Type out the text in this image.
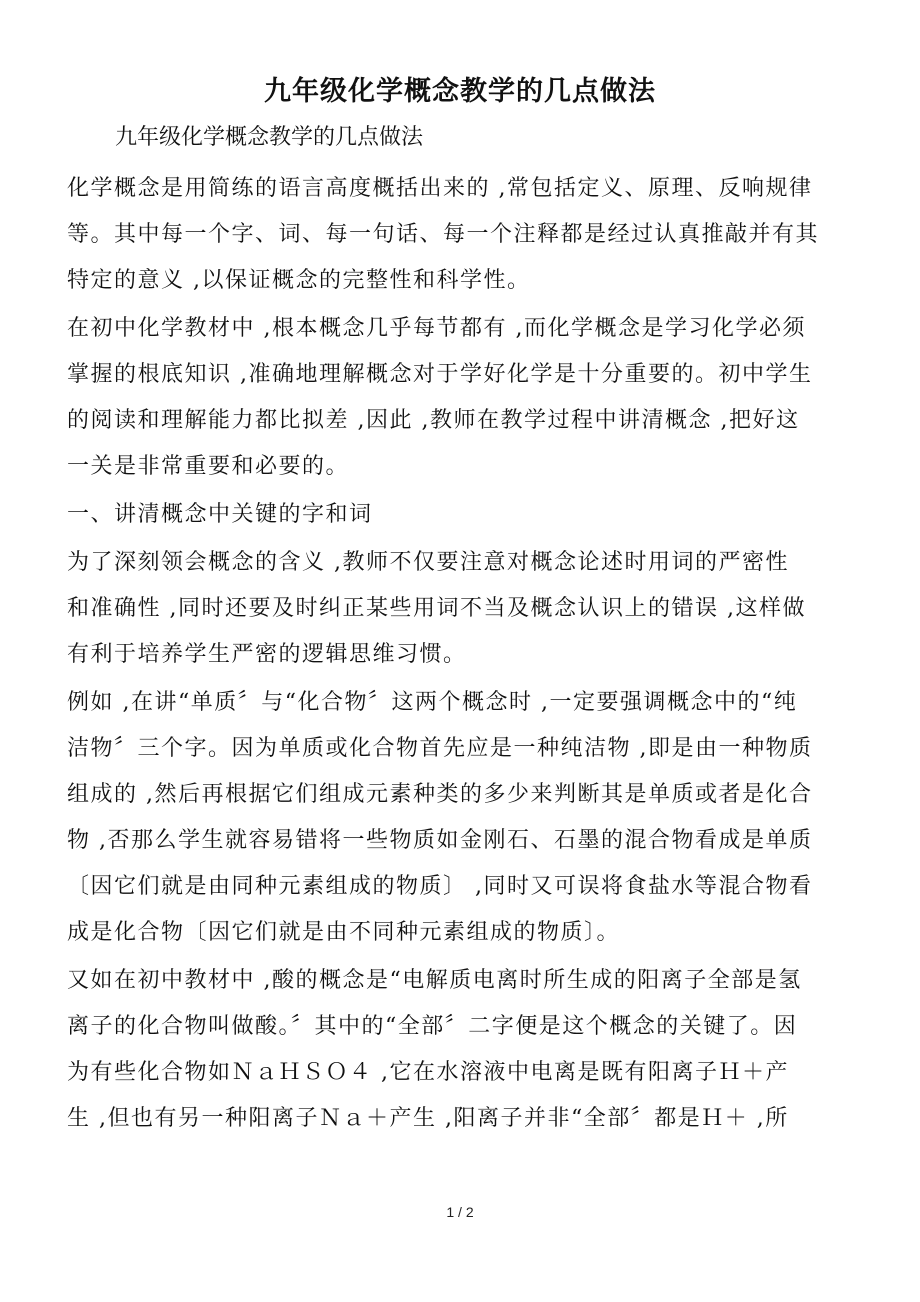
九年级化学概念教学的几点做法
九年级化学概念教学的几点做法

化学概念是用简练的语言高度概括出来的 ,常包括定义、原理、反响规律
等。其中每一个字、词、每一句话、每一个注释都是经过认真推敲并有其
特定的意义 ,以保证概念的完整性和科学性。

在初中化学教材中 ,根本概念几乎每节都有 ,而化学概念是学习化学必须
掌握的根底知识 ,准确地理解概念对于学好化学是十分重要的。初中学生
的阅读和理解能力都比拟差 ,因此 ,教师在教学过程中讲清概念 ,把好这
一关是非常重要和必要的。

一、讲清概念中关键的字和词

为了深刻领会概念的含义 ,教师不仅要注意对概念论述时用词的严密性
和准确性 ,同时还要及时纠正某些用词不当及概念认识上的错误 ,这样做
有利于培养学生严密的逻辑思维习惯。

例如 ,在讲“单质〞与“化合物〞这两个概念时 ,一定要强调概念中的“纯
洁物〞三个字。因为单质或化合物首先应是一种纯洁物 ,即是由一种物质
组成的 ,然后再根据它们组成元素种类的多少来判断其是单质或者是化合
物 ,否那么学生就容易错将一些物质如金刚石、石墨的混合物看成是单质
〔因它们就是由同种元素组成的物质〕 ,同时又可误将食盐水等混合物看
成是化合物〔因它们就是由不同种元素组成的物质〕。

又如在初中教材中 ,酸的概念是“电解质电离时所生成的阳离子全部是氢
离子的化合物叫做酸。〞其中的“全部〞二字便是这个概念的关键了。因
为有些化合物如ＮａＨＳＯ４ ,它在水溶液中电离是既有阳离子Ｈ＋产
生 ,但也有另一种阳离子Ｎａ＋产生 ,阳离子并非“全部〞都是Ｈ＋ ,所

1 / 2
